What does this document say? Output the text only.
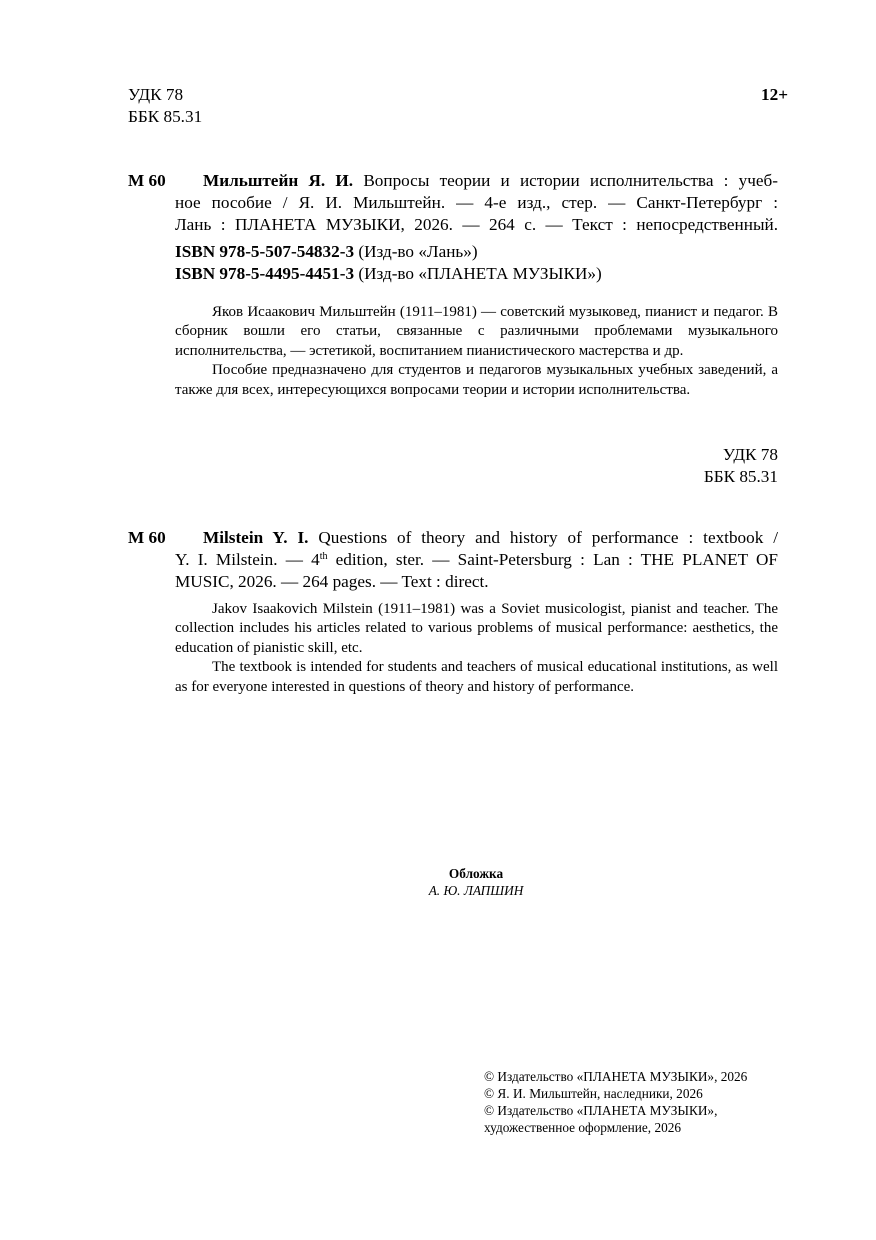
УДК 78
ББК 85.31
12+
М 60	Мильштейн Я. И. Вопросы теории и истории исполнительства : учеб-

ное пособие / Я. И. Мильштейн. — 4-е изд., стер. — Санкт-Петербург :

Лань : ПЛАНЕТА МУЗЫКИ, 2026. — 264 с. — Текст : непосредственный.

ISBN 978-5-507-54832-3 (Изд-во «Лань»)

ISBN 978-5-4495-4451-3 (Изд-во «ПЛАНЕТА МУЗЫКИ»)

Яков Исаакович Мильштейн (1911–1981) — советский музыковед, пианист и педагог. В сборник вошли его статьи, связанные с различными проблемами музыкального исполнительства, — эстетикой, воспитанием пианистического мастерства и др.

Пособие предназначено для студентов и педагогов музыкальных учебных заведений, а также для всех, интересующихся вопросами теории и истории исполнительства.

УДК 78

ББК 85.31

М 60	Milstein Y. I. Questions of theory and history of performance : textbook /

Y. I. Milstein. — 4th edition, ster. — Saint-Petersburg : Lan : THE PLANET OF

MUSIC, 2026. — 264 pages. — Text : direct.

Jakov Isaakovich Milstein (1911–1981) was a Soviet musicologist, pianist and teacher. The collection includes his articles related to various problems of musical performance: aesthetics, the education of pianistic skill, etc.

The textbook is intended for students and teachers of musical educational institutions, as well as for everyone interested in questions of theory and history of performance.

Обложка

А. Ю. ЛАПШИН

© Издательство «ПЛАНЕТА МУЗЫКИ», 2026

© Я. И. Мильштейн, наследники, 2026

© Издательство «ПЛАНЕТА МУЗЫКИ»,

художественное оформление, 2026
